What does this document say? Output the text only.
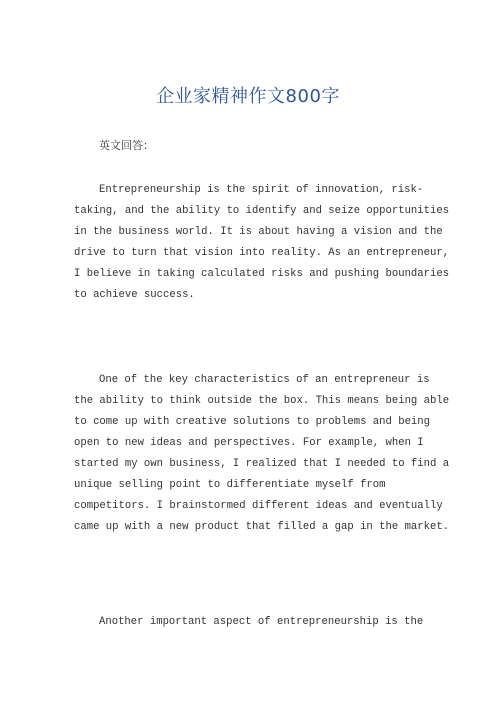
企业家精神作文800字
英文回答：
Entrepreneurship is the spirit of innovation, risk-
taking, and the ability to identify and seize opportunities
in the business world. It is about having a vision and the
drive to turn that vision into reality. As an entrepreneur,
I believe in taking calculated risks and pushing boundaries
to achieve success.
One of the key characteristics of an entrepreneur is
the ability to think outside the box. This means being able
to come up with creative solutions to problems and being
open to new ideas and perspectives. For example, when I
started my own business, I realized that I needed to find a
unique selling point to differentiate myself from
competitors. I brainstormed different ideas and eventually
came up with a new product that filled a gap in the market.
Another important aspect of entrepreneurship is the
